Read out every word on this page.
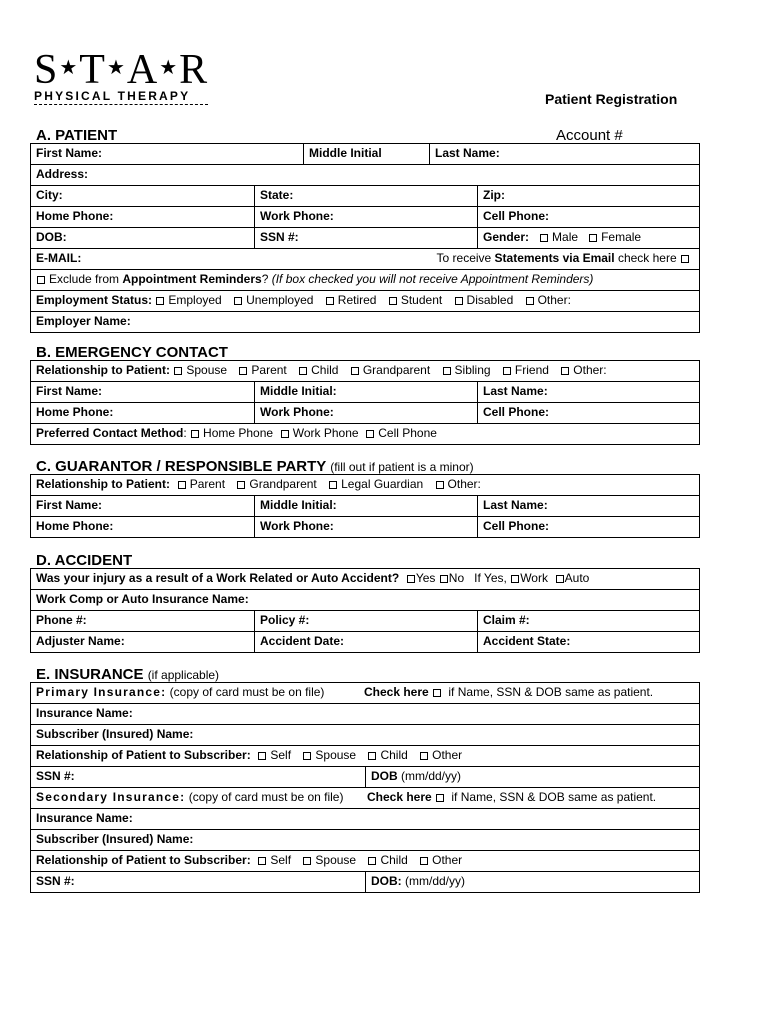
S★T★A★R
PHYSICAL THERAPY	Patient Registration
A. PATIENT	Account #
First Name:	Middle Initial	Last Name:
Address:
City:	State:	Zip:
Home Phone:	Work Phone:	Cell Phone:
DOB:	SSN #:	Gender: Male Female
E-MAIL:	To receive Statements via Email check here
Exclude from Appointment Reminders? (If box checked you will not receive Appointment Reminders)
Employment Status: Employed Unemployed Retired Student Disabled Other:
Employer Name:
B. EMERGENCY CONTACT
Relationship to Patient: Spouse Parent Child Grandparent Sibling Friend Other:
First Name:	Middle Initial:	Last Name:
Home Phone:	Work Phone:	Cell Phone:
Preferred Contact Method: Home Phone Work Phone Cell Phone
C. GUARANTOR / RESPONSIBLE PARTY (fill out if patient is a minor)
Relationship to Patient: Parent Grandparent Legal Guardian Other:
First Name:	Middle Initial:	Last Name:
Home Phone:	Work Phone:	Cell Phone:
D. ACCIDENT
Was your injury as a result of a Work Related or Auto Accident? Yes No If Yes, Work Auto
Work Comp or Auto Insurance Name:
Phone #:	Policy #:	Claim #:
Adjuster Name:	Accident Date:	Accident State:
E. INSURANCE (if applicable)
Primary Insurance: (copy of card must be on file)	Check here if Name, SSN & DOB same as patient.
Insurance Name:
Subscriber (Insured) Name:
Relationship of Patient to Subscriber: Self Spouse Child Other
SSN #:	DOB (mm/dd/yy)
Secondary Insurance: (copy of card must be on file) Check here if Name, SSN & DOB same as patient.
Insurance Name:
Subscriber (Insured) Name:
Relationship of Patient to Subscriber: Self Spouse Child Other
SSN #:	DOB: (mm/dd/yy)
